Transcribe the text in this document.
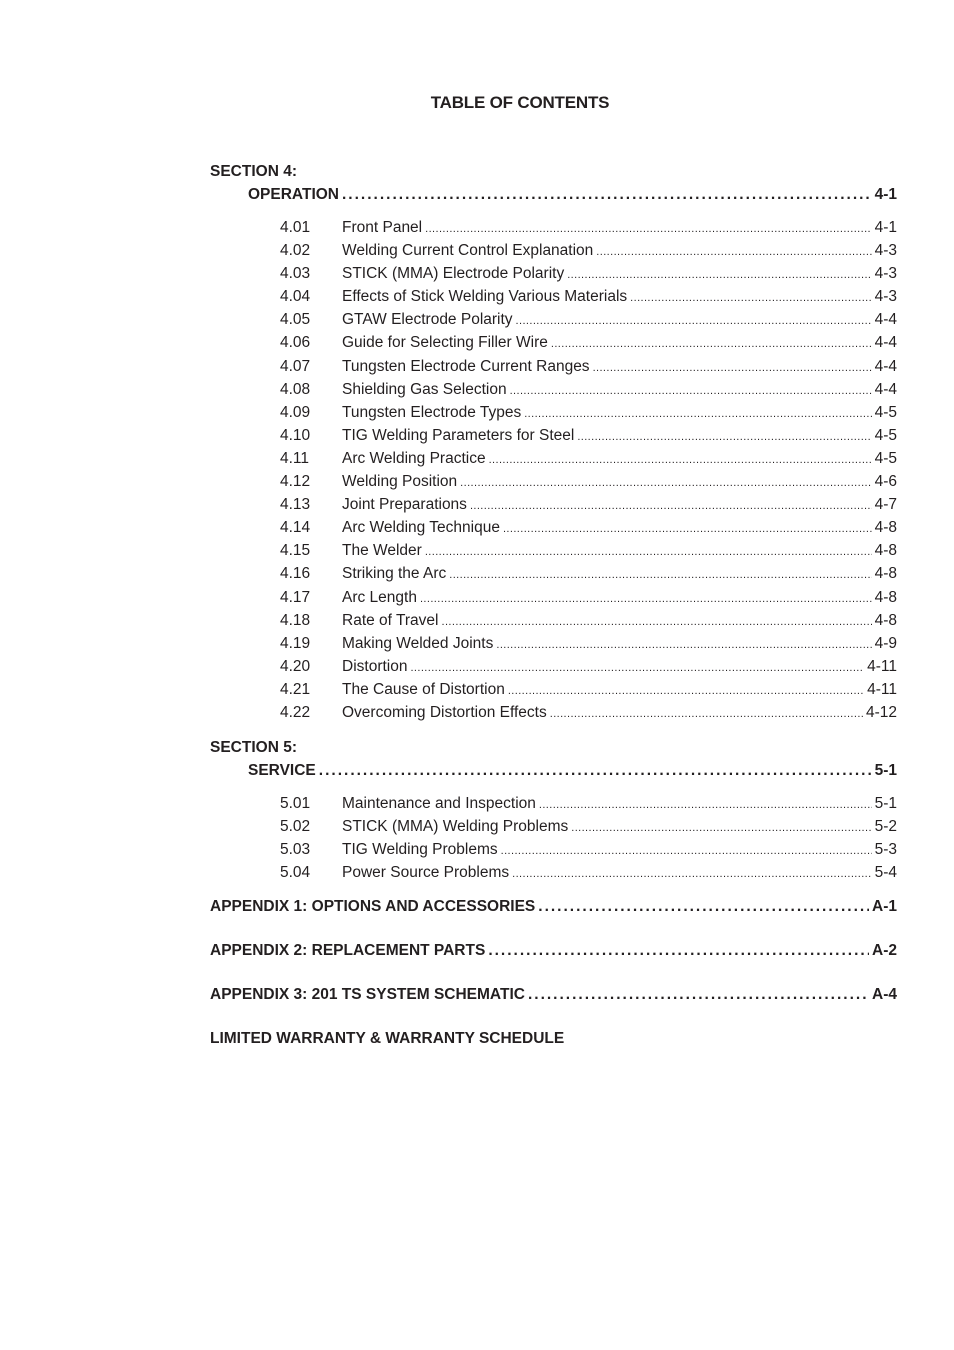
TABLE OF CONTENTS
SECTION 4:
OPERATION .....	4-1
4.01	Front Panel .....	4-1
4.02	Welding Current Control Explanation .....	4-3
4.03	STICK (MMA) Electrode Polarity .....	4-3
4.04	Effects of Stick Welding Various Materials .....	4-3
4.05	GTAW Electrode Polarity .....	4-4
4.06	Guide for Selecting Filler Wire .....	4-4
4.07	Tungsten Electrode Current Ranges .....	4-4
4.08	Shielding Gas Selection .....	4-4
4.09	Tungsten Electrode Types .....	4-5
4.10	TIG Welding Parameters for Steel .....	4-5
4.11	Arc Welding Practice .....	4-5
4.12	Welding Position .....	4-6
4.13	Joint Preparations .....	4-7
4.14	Arc Welding Technique .....	4-8
4.15	The Welder .....	4-8
4.16	Striking the Arc .....	4-8
4.17	Arc Length .....	4-8
4.18	Rate of Travel .....	4-8
4.19	Making Welded Joints .....	4-9
4.20	Distortion .....	4-11
4.21	The Cause of Distortion .....	4-11
4.22	Overcoming Distortion Effects .....	4-12
SECTION 5:
SERVICE .....	5-1
5.01	Maintenance and Inspection .....	5-1
5.02	STICK (MMA) Welding Problems .....	5-2
5.03	TIG Welding Problems .....	5-3
5.04	Power Source Problems .....	5-4
APPENDIX 1: OPTIONS AND ACCESSORIES .....	A-1
APPENDIX 2: REPLACEMENT PARTS .....	A-2
APPENDIX 3: 201 TS SYSTEM SCHEMATIC .....	A-4
LIMITED WARRANTY & WARRANTY SCHEDULE
